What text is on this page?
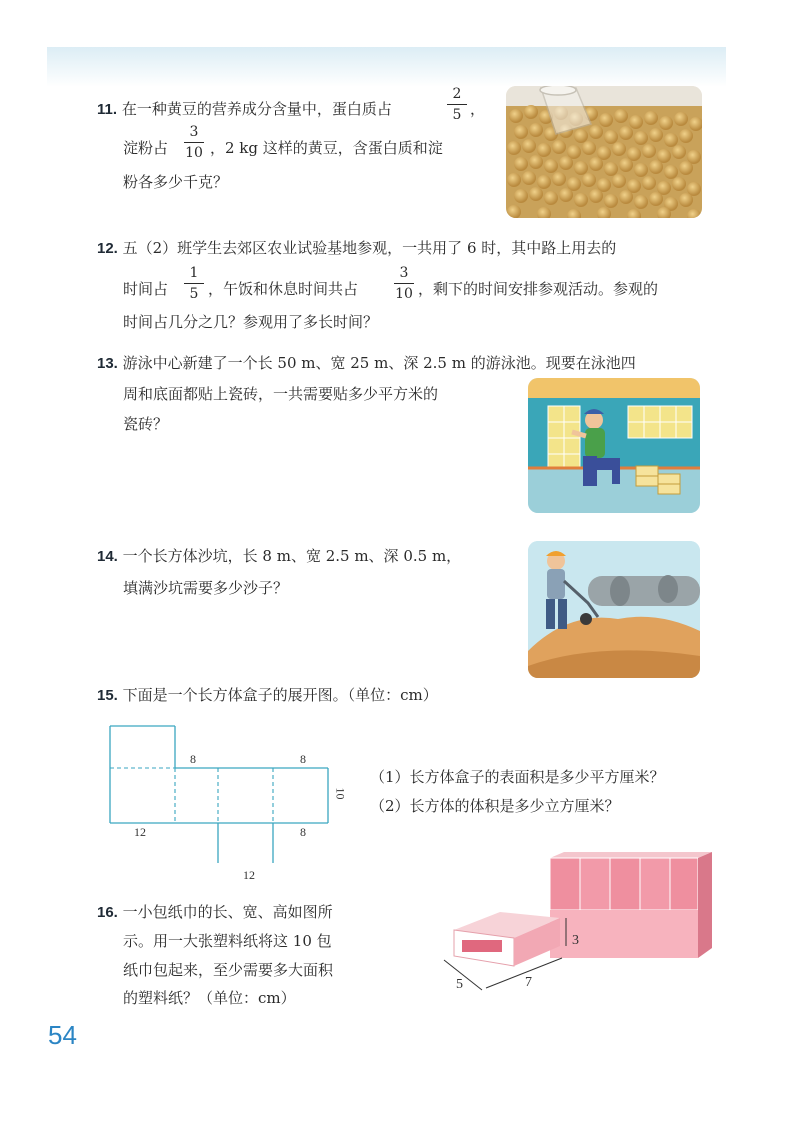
11. 在一种黄豆的营养成分含量中，蛋白质占
2
5 ，
淀粉占
3
10 ，2 kg 这样的黄豆，含蛋白质和淀
粉各多少千克？
12. 五（2）班学生去郊区农业试验基地参观，一共用了 6 时，其中路上用去的
时间占
1
5 ，午饭和休息时间共占
3
10 ，剩下的时间安排参观活动。参观的
时间占几分之几？参观用了多长时间？
13. 游泳中心新建了一个长 50 m、宽 25 m、深 2.5 m 的游泳池。现要在泳池四
周和底面都贴上瓷砖，一共需要贴多少平方米的
瓷砖？
14. 一个长方体沙坑，长 8 m、宽 2.5 m、深 0.5 m，
填满沙坑需要多少沙子？
15. 下面是一个长方体盒子的展开图。（单位：cm）
8	8
10
12	8
12
（1）长方体盒子的表面积是多少平方厘米？
（2）长方体的体积是多少立方厘米？
16. 一小包纸巾的长、宽、高如图所
示。用一大张塑料纸将这 10 包
纸巾包起来，至少需要多大面积
的塑料纸？（单位：cm）
5	7
3
54
